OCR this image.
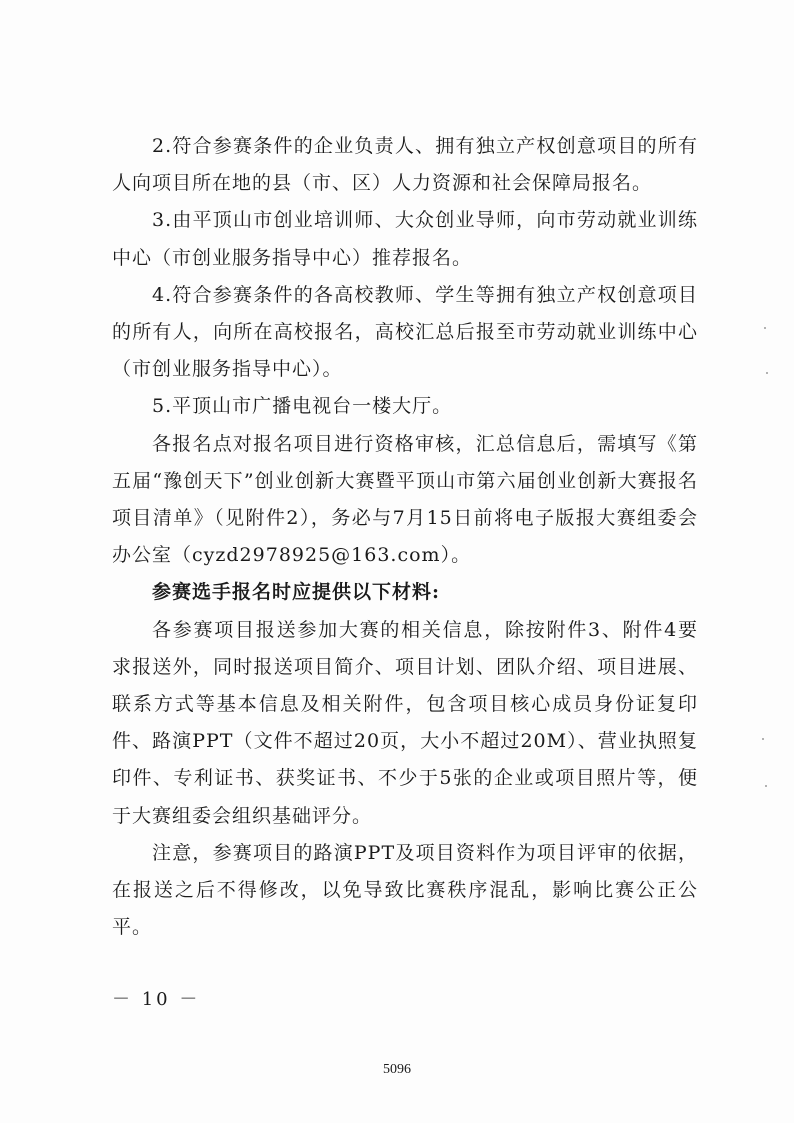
2.符合参赛条件的企业负责人、拥有独立产权创意项目的所有人向项目所在地的县（市、区）人力资源和社会保障局报名。

3.由平顶山市创业培训师、大众创业导师，向市劳动就业训练中心（市创业服务指导中心）推荐报名。

4.符合参赛条件的各高校教师、学生等拥有独立产权创意项目的所有人，向所在高校报名，高校汇总后报至市劳动就业训练中心（市创业服务指导中心）。

5.平顶山市广播电视台一楼大厅。

各报名点对报名项目进行资格审核，汇总信息后，需填写《第五届“豫创天下”创业创新大赛暨平顶山市第六届创业创新大赛报名项目清单》（见附件2），务必与7月15日前将电子版报大赛组委会办公室（cyzd2978925@163.com）。

参赛选手报名时应提供以下材料:

各参赛项目报送参加大赛的相关信息，除按附件3、附件4要求报送外，同时报送项目简介、项目计划、团队介绍、项目进展、联系方式等基本信息及相关附件，包含项目核心成员身份证复印件、路演PPT（文件不超过20页，大小不超过20M）、营业执照复印件、专利证书、获奖证书、不少于5张的企业或项目照片等，便于大赛组委会组织基础评分。

注意，参赛项目的路演PPT及项目资料作为项目评审的依据，在报送之后不得修改，以免导致比赛秩序混乱，影响比赛公正公平。

－ 10 －
5096
